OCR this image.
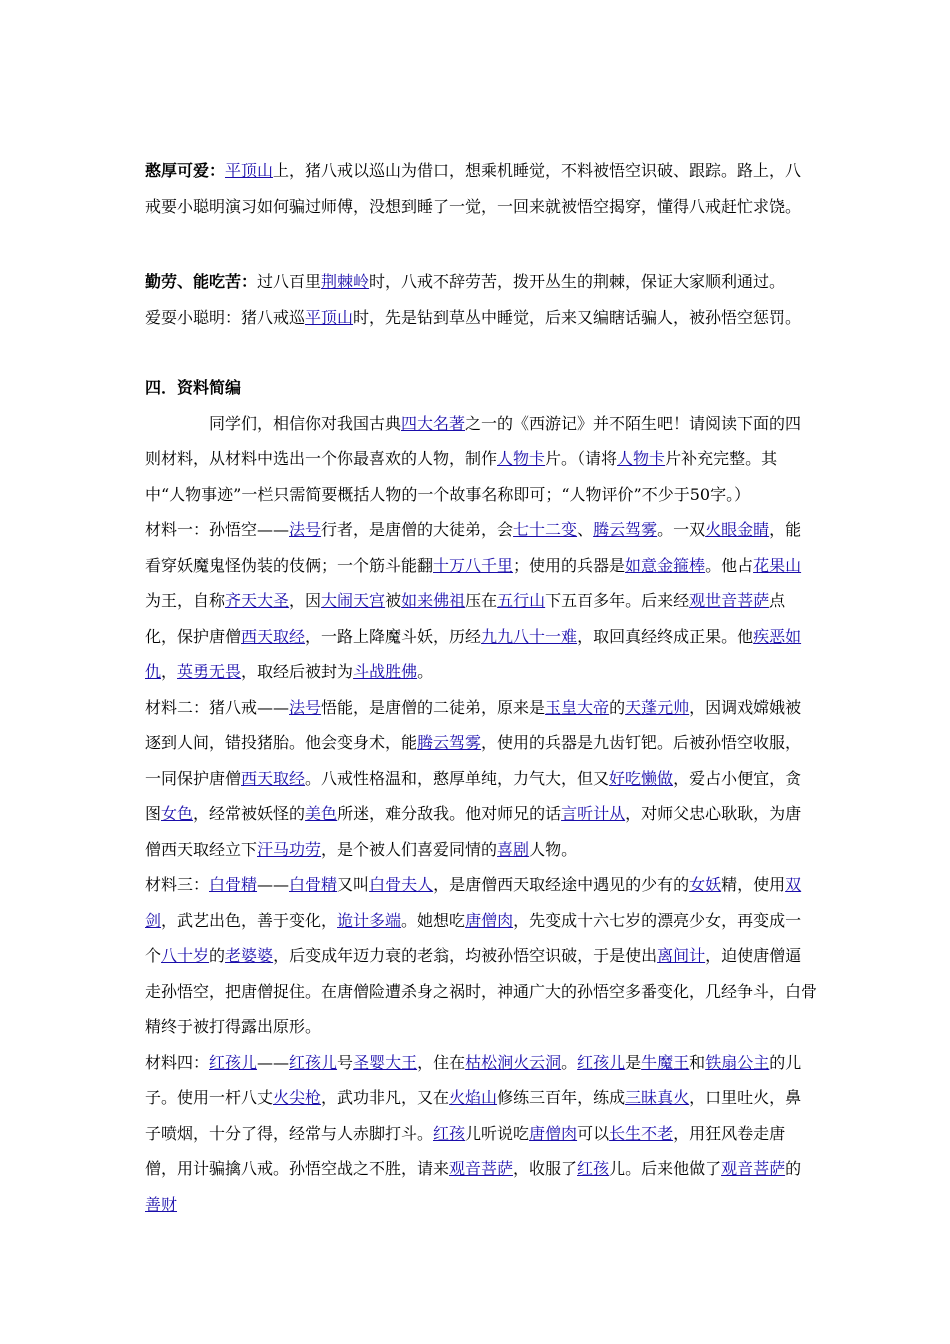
憨厚可爱：平顶山上，猪八戒以巡山为借口，想乘机睡觉，不料被悟空识破、跟踪。路上，八戒要小聪明演习如何骗过师傅，没想到睡了一觉，一回来就被悟空揭穿，懂得八戒赶忙求饶。

勤劳、能吃苦：过八百里荆棘岭时，八戒不辞劳苦，拨开丛生的荆棘，保证大家顺利通过。

爱耍小聪明：猪八戒巡平顶山时，先是钻到草丛中睡觉，后来又编瞎话骗人，被孙悟空惩罚。

四．资料简编

同学们，相信你对我国古典四大名著之一的《西游记》并不陌生吧！请阅读下面的四则材料，从材料中选出一个你最喜欢的人物，制作人物卡片。（请将人物卡片补充完整。其中“人物事迹”一栏只需简要概括人物的一个故事名称即可；“人物评价”不少于50字。）

材料一：孙悟空——法号行者，是唐僧的大徒弟，会七十二变、腾云驾雾。一双火眼金睛，能看穿妖魔鬼怪伪装的伎俩；一个筋斗能翻十万八千里；使用的兵器是如意金箍棒。他占花果山为王，自称齐天大圣，因大闹天宫被如来佛祖压在五行山下五百多年。后来经观世音菩萨点化，保护唐僧西天取经，一路上降魔斗妖，历经九九八十一难，取回真经终成正果。他疾恶如仇，英勇无畏，取经后被封为斗战胜佛。

材料二：猪八戒——法号悟能，是唐僧的二徒弟，原来是玉皇大帝的天蓬元帅，因调戏嫦娥被逐到人间，错投猪胎。他会变身术，能腾云驾雾，使用的兵器是九齿钉钯。后被孙悟空收服，一同保护唐僧西天取经。八戒性格温和，憨厚单纯，力气大，但又好吃懒做，爱占小便宜，贪图女色，经常被妖怪的美色所迷，难分敌我。他对师兄的话言听计从，对师父忠心耿耿，为唐僧西天取经立下汗马功劳，是个被人们喜爱同情的喜剧人物。

材料三：白骨精——白骨精又叫白骨夫人，是唐僧西天取经途中遇见的少有的女妖精，使用双剑，武艺出色，善于变化，诡计多端。她想吃唐僧肉，先变成十六七岁的漂亮少女，再变成一个八十岁的老婆婆，后变成年迈力衰的老翁，均被孙悟空识破，于是使出离间计，迫使唐僧逼走孙悟空，把唐僧捉住。在唐僧险遭杀身之祸时，神通广大的孙悟空多番变化，几经争斗，白骨精终于被打得露出原形。

材料四：红孩儿——红孩儿号圣婴大王，住在枯松涧火云洞。红孩儿是牛魔王和铁扇公主的儿子。使用一杆八丈火尖枪，武功非凡，又在火焰山修练三百年，练成三昧真火，口里吐火，鼻子喷烟，十分了得，经常与人赤脚打斗。红孩儿听说吃唐僧肉可以长生不老，用狂风卷走唐僧，用计骗擒八戒。孙悟空战之不胜，请来观音菩萨，收服了红孩儿。后来他做了观音菩萨的善财
